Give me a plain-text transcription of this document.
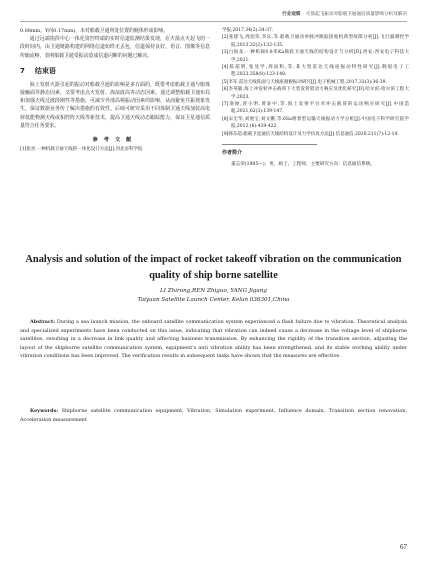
行业观察 火箭起飞振动对船载卫通通信质量影响分析及解决

0.08mm，Y向0.17mm)，未对船载卫通所处位置的舰体形成影响。

通过远端指挥中心一体化资控终端的实时信道监测结果发现，在火箭点火起飞的一段时间内，由卫通链路构建的网络信道始终无丢包，信道保持良好，语音、图像等信息传输流畅，表明船载卫通受振动造成信道闪断的问题已解决。

7 结束语

海上发射火箭引起的振动对船载卫通的影响是多方面的，既要考虑船载卫通与船体接触面等静态因素，又要考虑点火发射、海浪波高等动态因素。通过调整船载卫通布局和加强天线过渡段刚性等措施，可减少外部高频振动因素的影响，从而避免共振现象发生，保证数据业务传了解决措施的有效性。后续可研究采用不同体制卫通天线加装高电荷低能物测天线或相控阵天线等新技术，提高卫通天线动态跟踪能力，保证卫星通信质量符合任务要求。

参考文献

[1]张喜.一种机载卫通天线的一体化设计方法[J].河北省科学院

学报,2017,34(2):34-37.

[2]张建飞,周伯荣,李乐,等.船载卫通动单脉冲跟踪接收机典型故障分析[J].飞行器测控学报,2013,32(2):132-135.

[3]白海龙.一种机载0.8米Ka频段卫通天线的结构设计与分析[D].西安:西安电子科技大学,2021.

[4]陈超明,张显学,周雨和,等.某大型雷达天线座振动特性研究[J].舰船电子工程,2023,358(8):123-148.

[5]李军.雷达天线阵面与天线座端板振动研究[J].电子机械工程,2017,33(3):36-39.

[6]李英敏.海上冲发射冲击载荷下大装发射架动力响应及优化研究[D].哈尔滨:哈尔滨工程大学,2023.

[7]俞俊,曾小明,黄泰中,等.海上发射平台对冲击载荷的运动响应研究[J].中国造船,2021,62(3):139-147.

[8]宋宏华,刘展宝,刘文鹏,等.6Sa附着型运输天线振动力学分析[J].中国电子科学研究院学报,2012,(6):419-422.

[9]韩东超.船载卫星通信天线结构设计及力学仿真方法[J].信息通信,2020,211(7):12-14.

作者简介

董志荣(1985—)，男，硕士，工程师，主要研究方向：信息通信系统。

Analysis and solution of the impact of rocket takeoff vibration on the communication quality of ship borne satellite
LI Zhirong,REN Zhiguo, YANG Jigang
Taiyuan Satellite Launch Center, Kelan 036301,China
Abstract: During a sea launch mission, the onboard satellite communication system experienced a flash failure due to vibration. Theoretical analysis and specialized experiments have been conducted on this issue, indicating that vibration can indeed cause a decrease in the voltage level of shipborne satellites, resulting in a decrease in link quality and affecting business transmission. By enhancing the rigidity of the transition section, adjusting the layout of the shipborne satellite communication system, equipment's anti vibration ability has been strengthened, and its stable working ability under vibration conditions has been improved. The verification results in subsequent tasks have shown that the measures are effective.
Keywords: Shipborne satellite communication equipment, Vibration, Simulation experiment, Influence domain, Transition section renovation, Acceleration measurement
67
